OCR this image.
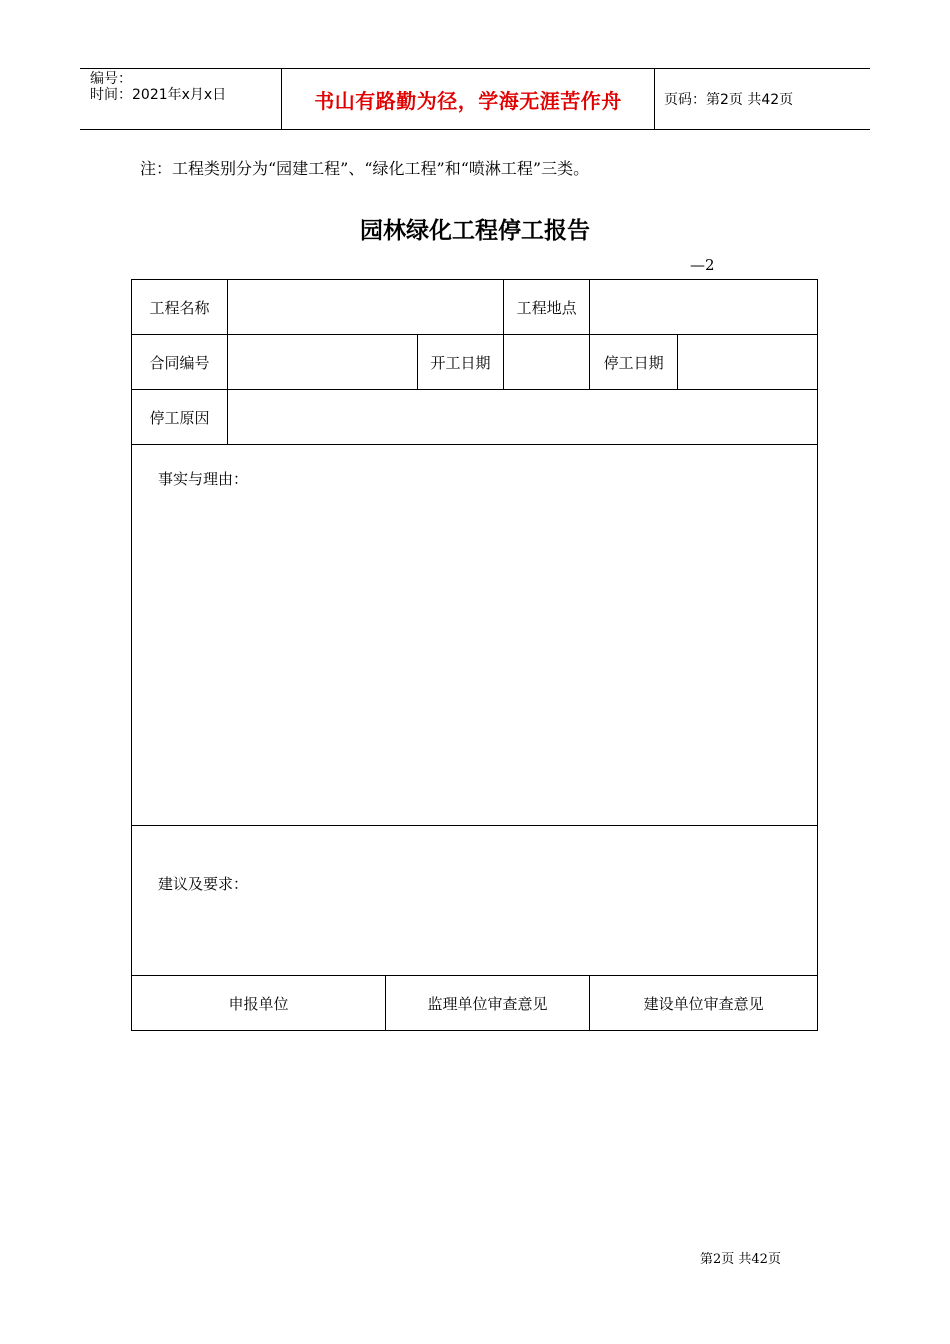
编号：
时间：2021年x月x日	书山有路勤为径，学海无涯苦作舟	页码：第2页 共42页
注：工程类别分为“园建工程”、“绿化工程”和“喷淋工程”三类。
园林绿化工程停工报告
—2
工程名称				工程地点		
合同编号			开工日期		停工日期	
停工原因						

事实与理由：						

建议及要求：						

申报单位		监理单位审查意见			建设单位审查意见	
第2页 共42页
